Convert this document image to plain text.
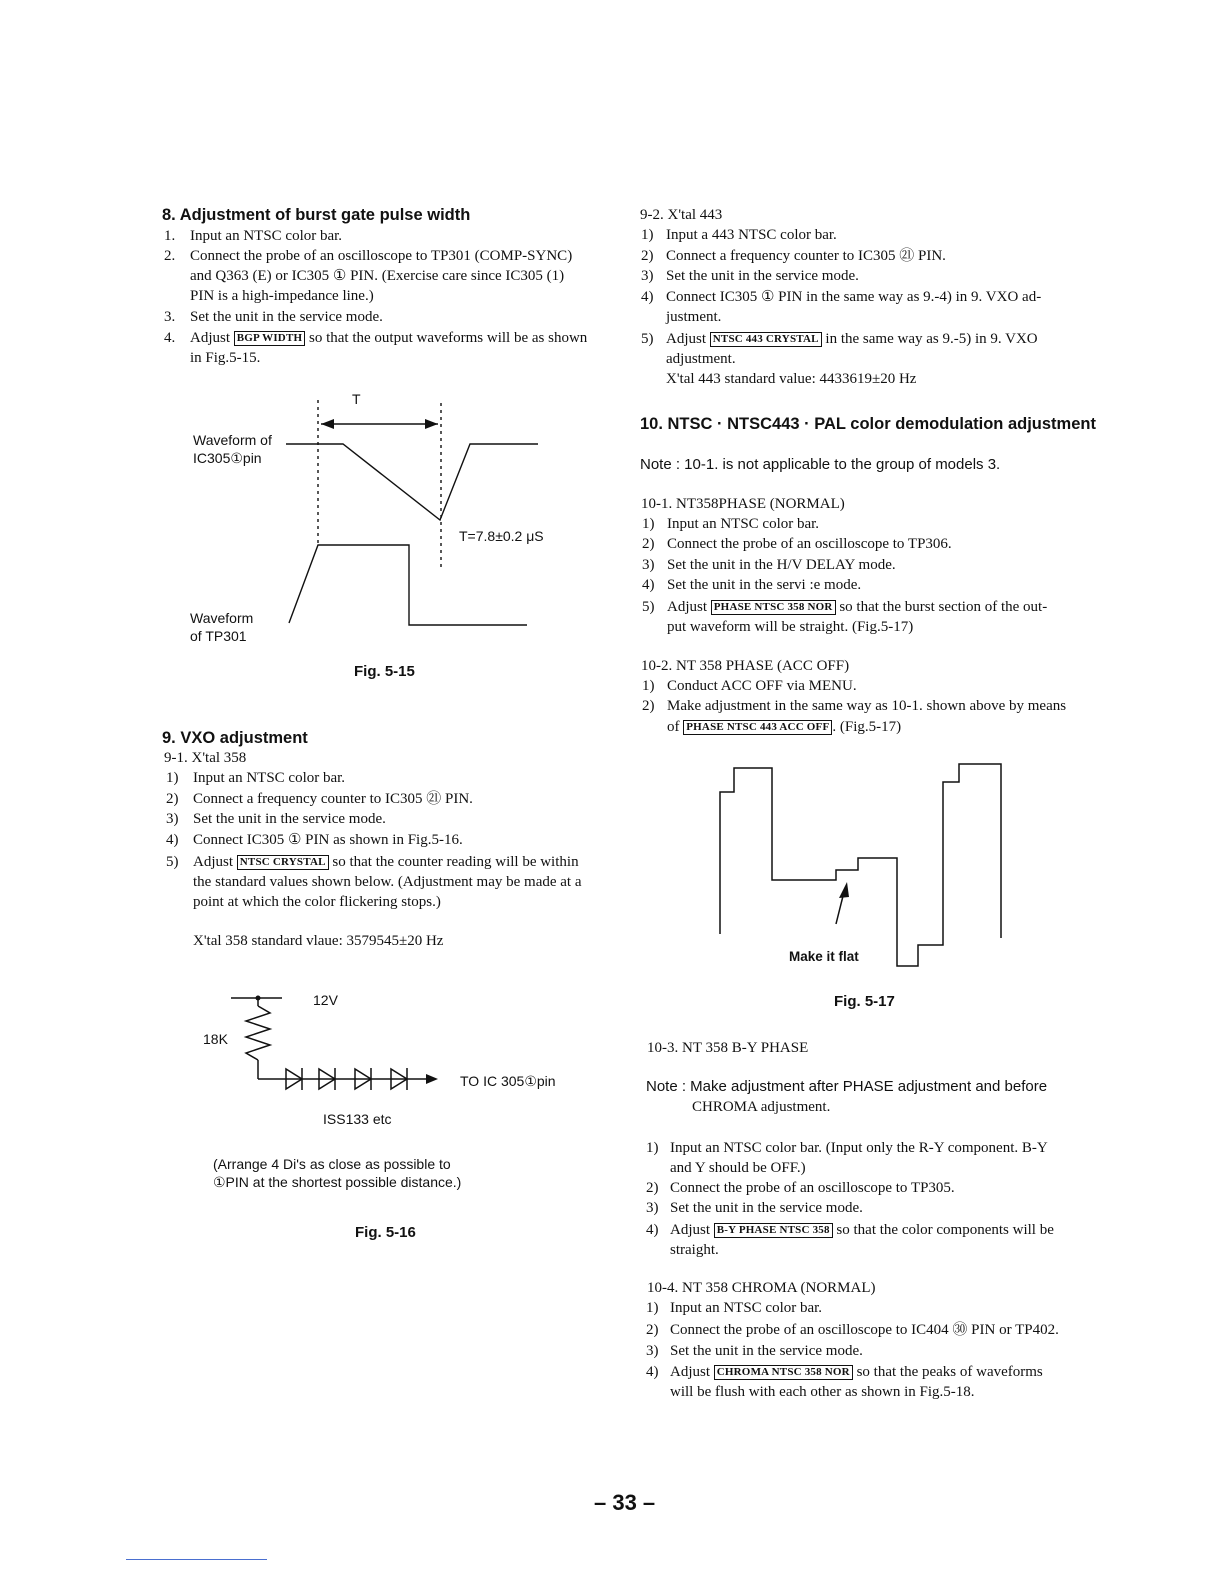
8. Adjustment of burst gate pulse width
1. Input an NTSC color bar.
2. Connect the probe of an oscilloscope to TP301 (COMP-SYNC)
and Q363 (E) or IC305 ① PIN. (Exercise care since IC305 (1)
PIN is a high-impedance line.)
3. Set the unit in the service mode.
4. Adjust BGP WIDTH so that the output waveforms will be as shown
in Fig.5-15.
T
Waveform of
IC305①pin
T=7.8±0.2 μS
Waveform
of TP301
Fig. 5-15
9. VXO adjustment
9-1. X'tal 358
1) Input an NTSC color bar.
2) Connect a frequency counter to IC305 ㉑ PIN.
3) Set the unit in the service mode.
4) Connect IC305 ① PIN as shown in Fig.5-16.
5) Adjust NTSC CRYSTAL so that the counter reading will be within
the standard values shown below. (Adjustment may be made at a
point at which the color flickering stops.)
X'tal 358 standard vlaue: 3579545±20 Hz
12V
18K
TO IC 305①pin
ISS133 etc
(Arrange 4 Di's as close as possible to
①PIN at the shortest possible distance.)
Fig. 5-16
9-2. X'tal 443
1) Input a 443 NTSC color bar.
2) Connect a frequency counter to IC305 ㉑ PIN.
3) Set the unit in the service mode.
4) Connect IC305 ① PIN in the same way as 9.-4) in 9. VXO ad-
justment.
5) Adjust NTSC 443 CRYSTAL in the same way as 9.-5) in 9. VXO
adjustment.
X'tal 443 standard value: 4433619±20 Hz
10. NTSC · NTSC443 · PAL color demodulation adjustment
Note : 10-1. is not applicable to the group of models 3.
10-1. NT358PHASE (NORMAL)
1) Input an NTSC color bar.
2) Connect the probe of an oscilloscope to TP306.
3) Set the unit in the H/V DELAY mode.
4) Set the unit in the servi :e mode.
5) Adjust PHASE NTSC 358 NOR so that the burst section of the out-
put waveform will be straight. (Fig.5-17)
10-2. NT 358 PHASE (ACC OFF)
1) Conduct ACC OFF via MENU.
2) Make adjustment in the same way as 10-1. shown above by means
of PHASE NTSC 443 ACC OFF . (Fig.5-17)
Make it flat
Fig. 5-17
10-3. NT 358 B-Y PHASE
Note : Make adjustment after PHASE adjustment and before
CHROMA adjustment.
1) Input an NTSC color bar. (Input only the R-Y component. B-Y
and Y should be OFF.)
2) Connect the probe of an oscilloscope to TP305.
3) Set the unit in the service mode.
4) Adjust B-Y PHASE NTSC 358 so that the color components will be
straight.
10-4. NT 358 CHROMA (NORMAL)
1) Input an NTSC color bar.
2) Connect the probe of an oscilloscope to IC404 ㉚ PIN or TP402.
3) Set the unit in the service mode.
4) Adjust CHROMA NTSC 358 NOR so that the peaks of waveforms
will be flush with each other as shown in Fig.5-18.
– 33 –
